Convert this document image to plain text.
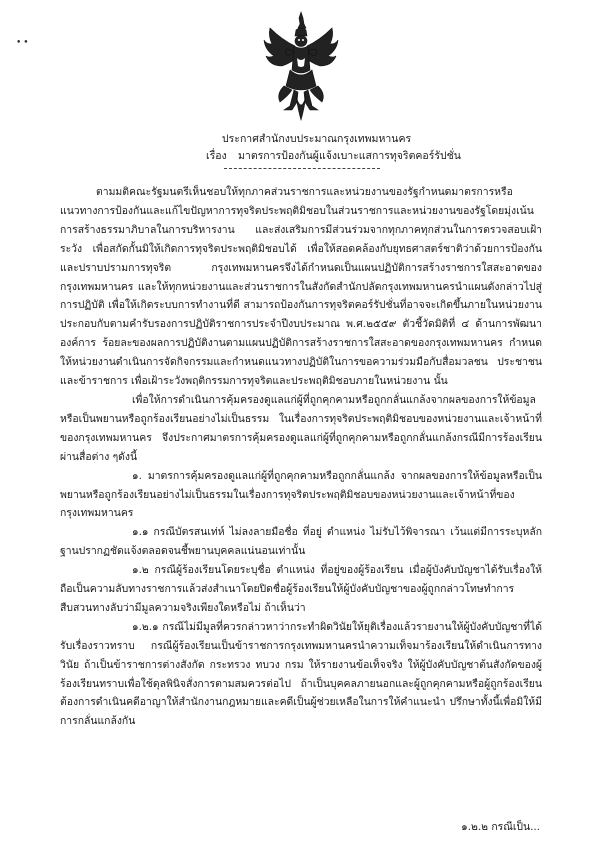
••
ประกาศสำนักงบประมาณกรุงเทพมหานคร
เรื่อง มาตรการป้องกันผู้แจ้งเบาะแสการทุจริตคอร์รัปชั่น

ตามมติคณะรัฐมนตรีเห็นชอบให้ทุกภาคส่วนราชการและหน่วยงานของรัฐกำหนดมาตรการหรือแนวทางการป้องกันและแก้ไขปัญหาการทุจริตประพฤติมิชอบในส่วนราชการและหน่วยงานของรัฐโดยมุ่งเน้นการสร้างธรรมาภิบาลในการบริหารงาน และส่งเสริมการมีส่วนร่วมจากทุกภาคทุกส่วนในการตรวจสอบเฝ้าระวัง เพื่อสกัดกั้นมิให้เกิดการทุจริตประพฤติมิชอบได้ เพื่อให้สอดคล้องกับยุทธศาสตร์ชาติว่าด้วยการป้องกันและปราบปรามการทุจริต กรุงเทพมหานครจึงได้กำหนดเป็นแผนปฏิบัติการสร้างราชการใสสะอาดของกรุงเทพมหานคร และให้ทุกหน่วยงานและส่วนราชการในสังกัดสำนักปลัดกรุงเทพมหานครนำแผนดังกล่าวไปสู่การปฏิบัติ เพื่อให้เกิดระบบการทำงานที่ดี สามารถป้องกันการทุจริตคอร์รัปชั่นที่อาจจะเกิดขึ้นภายในหน่วยงานประกอบกับตามคำรับรองการปฏิบัติราชการประจำปีงบประมาณ พ.ศ.๒๕๕๙ ตัวชี้วัดมิติที่ ๔ ด้านการพัฒนาองค์การ ร้อยละของผลการปฏิบัติงานตามแผนปฏิบัติการสร้างราชการใสสะอาดของกรุงเทพมหานคร กำหนดให้หน่วยงานดำเนินการจัดกิจกรรมและกำหนดแนวทางปฏิบัติในการขอความร่วมมือกับสื่อมวลชน ประชาชน และข้าราชการ เพื่อเฝ้าระวังพฤติกรรมการทุจริตและประพฤติมิชอบภายในหน่วยงาน นั้น

เพื่อให้การดำเนินการคุ้มครองดูแลแก่ผู้ที่ถูกคุกคามหรือถูกกลั่นแกล้งจากผลของการให้ข้อมูลหรือเป็นพยานหรือถูกร้องเรียนอย่างไม่เป็นธรรม ในเรื่องการทุจริตประพฤติมิชอบของหน่วยงานและเจ้าหน้าที่ของกรุงเทพมหานคร จึงประกาศมาตรการคุ้มครองดูแลแก่ผู้ที่ถูกคุกคามหรือถูกกลั่นแกล้งกรณีมีการร้องเรียนผ่านสื่อต่าง ๆดังนี้

๑. มาตรการคุ้มครองดูแลแก่ผู้ที่ถูกคุกคามหรือถูกกลั่นแกล้ง จากผลของการให้ข้อมูลหรือเป็นพยานหรือถูกร้องเรียนอย่างไม่เป็นธรรมในเรื่องการทุจริตประพฤติมิชอบของหน่วยงานและเจ้าหน้าที่ของกรุงเทพมหานคร

๑.๑ กรณีบัตรสนเท่ห์ ไม่ลงลายมือชื่อ ที่อยู่ ตำแหน่ง ไม่รับไว้พิจารณา เว้นแต่มีการระบุหลักฐานปรากฏชัดแจ้งตลอดจนชี้พยานบุคคลแน่นอนเท่านั้น

๑.๒ กรณีผู้ร้องเรียนโดยระบุชื่อ ตำแหน่ง ที่อยู่ของผู้ร้องเรียน เมื่อผู้บังคับบัญชาได้รับเรื่องให้ถือเป็นความลับทางราชการแล้วส่งสำเนาโดยปิดชื่อผู้ร้องเรียนให้ผู้บังคับบัญชาของผู้ถูกกล่าวโทษทำการสืบสวนทางลับว่ามีมูลความจริงเพียงใดหรือไม่ ถ้าเห็นว่า

๑.๒.๑ กรณีไม่มีมูลที่ควรกล่าวหาว่ากระทำผิดวินัยให้ยุติเรื่องแล้วรายงานให้ผู้บังคับบัญชาที่ได้รับเรื่องราวทราบ กรณีผู้ร้องเรียนเป็นข้าราชการกรุงเทพมหานครนำความเท็จมาร้องเรียนให้ดำเนินการทางวินัย ถ้าเป็นข้าราชการต่างสังกัด กระทรวง ทบวง กรม ให้รายงานข้อเท็จจริง ให้ผู้บังคับบัญชาต้นสังกัดของผู้ร้องเรียนทราบเพื่อใช้ดุลพินิจสั่งการตามสมควรต่อไป ถ้าเป็นบุคคลภายนอกและผู้ถูกคุกคามหรือผู้ถูกร้องเรียนต้องการดำเนินคดีอาญาให้สำนักงานกฎหมายและคดีเป็นผู้ช่วยเหลือในการให้คำแนะนำ ปรึกษาทั้งนี้เพื่อมิให้มีการกลั่นแกล้งกัน

๑.๒.๒ กรณีเป็น...
